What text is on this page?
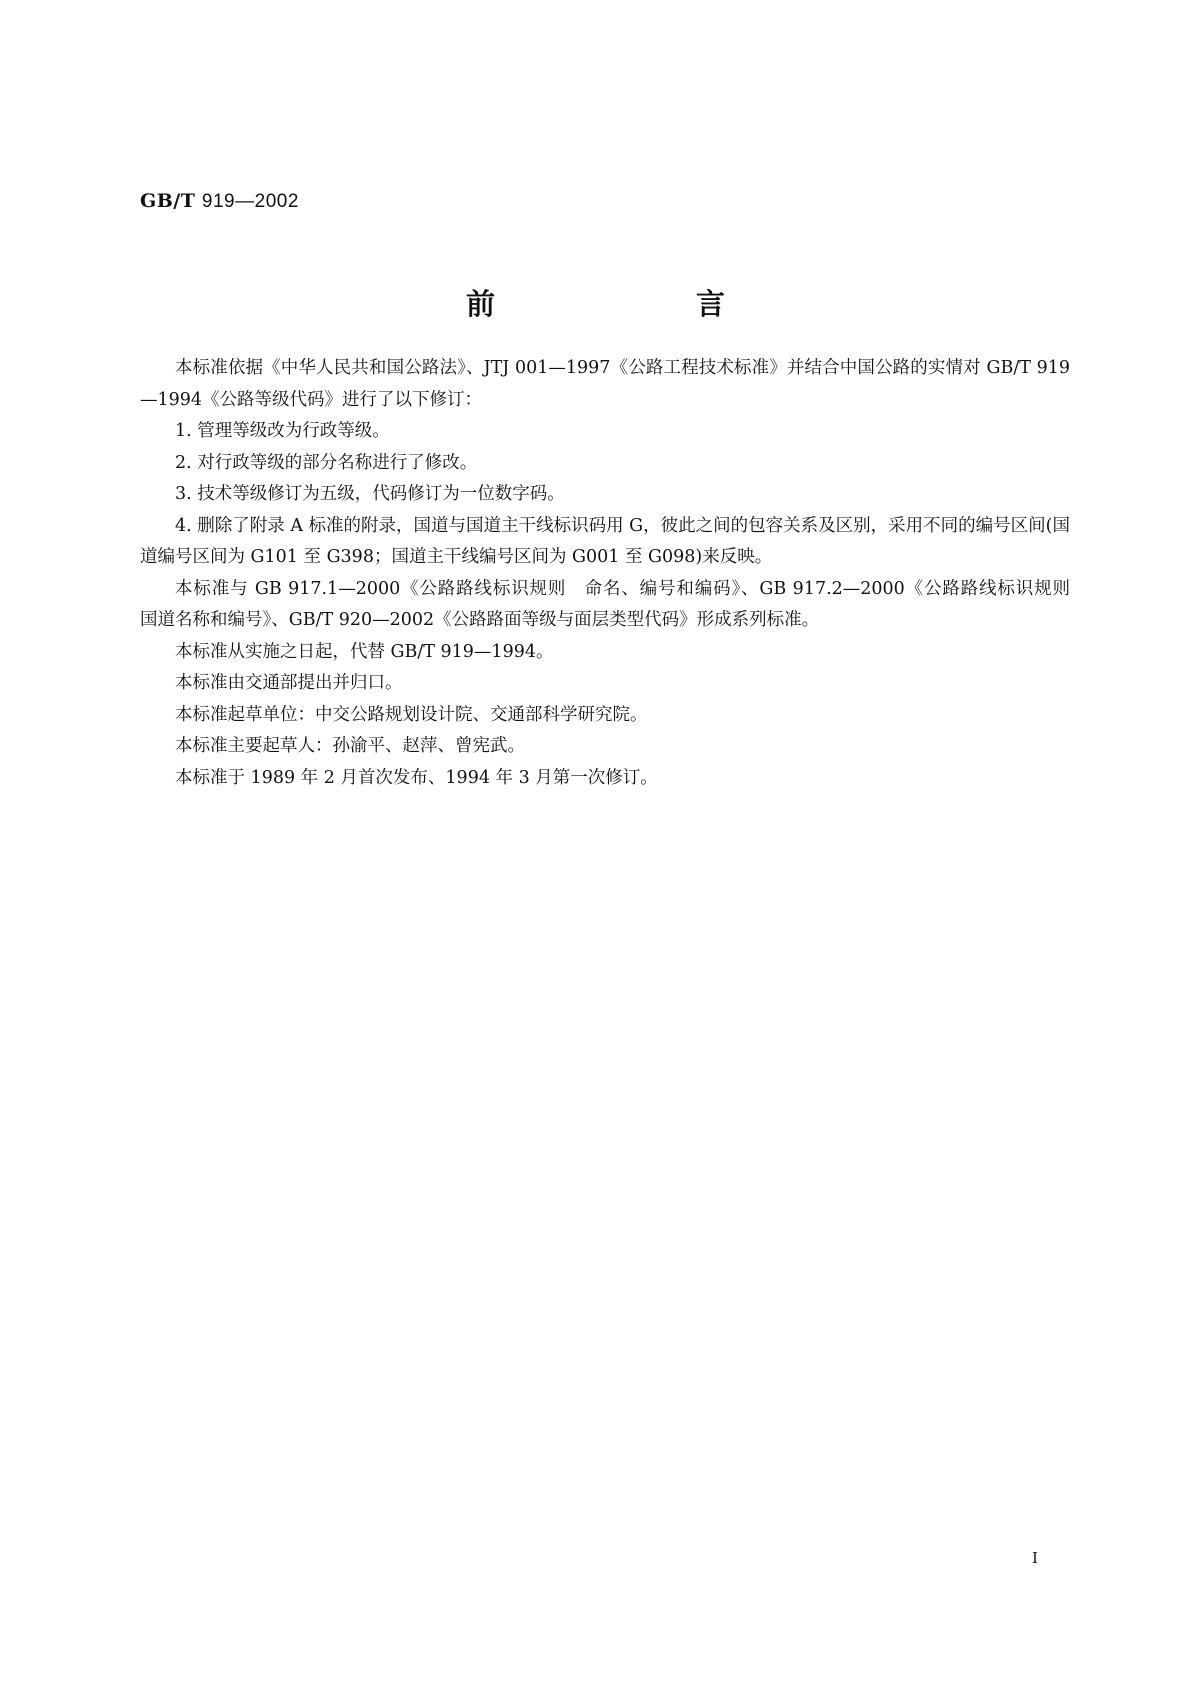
GB/T 919—2002
前　言

本标准依据《中华人民共和国公路法》、JTJ 001—1997《公路工程技术标准》并结合中国公路的实情对 GB/T 919—1994《公路等级代码》进行了以下修订：

1. 管理等级改为行政等级。

2. 对行政等级的部分名称进行了修改。

3. 技术等级修订为五级，代码修订为一位数字码。

4. 删除了附录 A 标准的附录，国道与国道主干线标识码用 G，彼此之间的包容关系及区别，采用不同的编号区间(国道编号区间为 G101 至 G398；国道主干线编号区间为 G001 至 G098)来反映。

本标准与 GB 917.1—2000《公路路线标识规则　命名、编号和编码》、GB 917.2—2000《公路路线标识规则　国道名称和编号》、GB/T 920—2002《公路路面等级与面层类型代码》形成系列标准。

本标准从实施之日起，代替 GB/T 919—1994。

本标准由交通部提出并归口。

本标准起草单位：中交公路规划设计院、交通部科学研究院。

本标准主要起草人：孙渝平、赵萍、曾宪武。

本标准于 1989 年 2 月首次发布、1994 年 3 月第一次修订。

I
